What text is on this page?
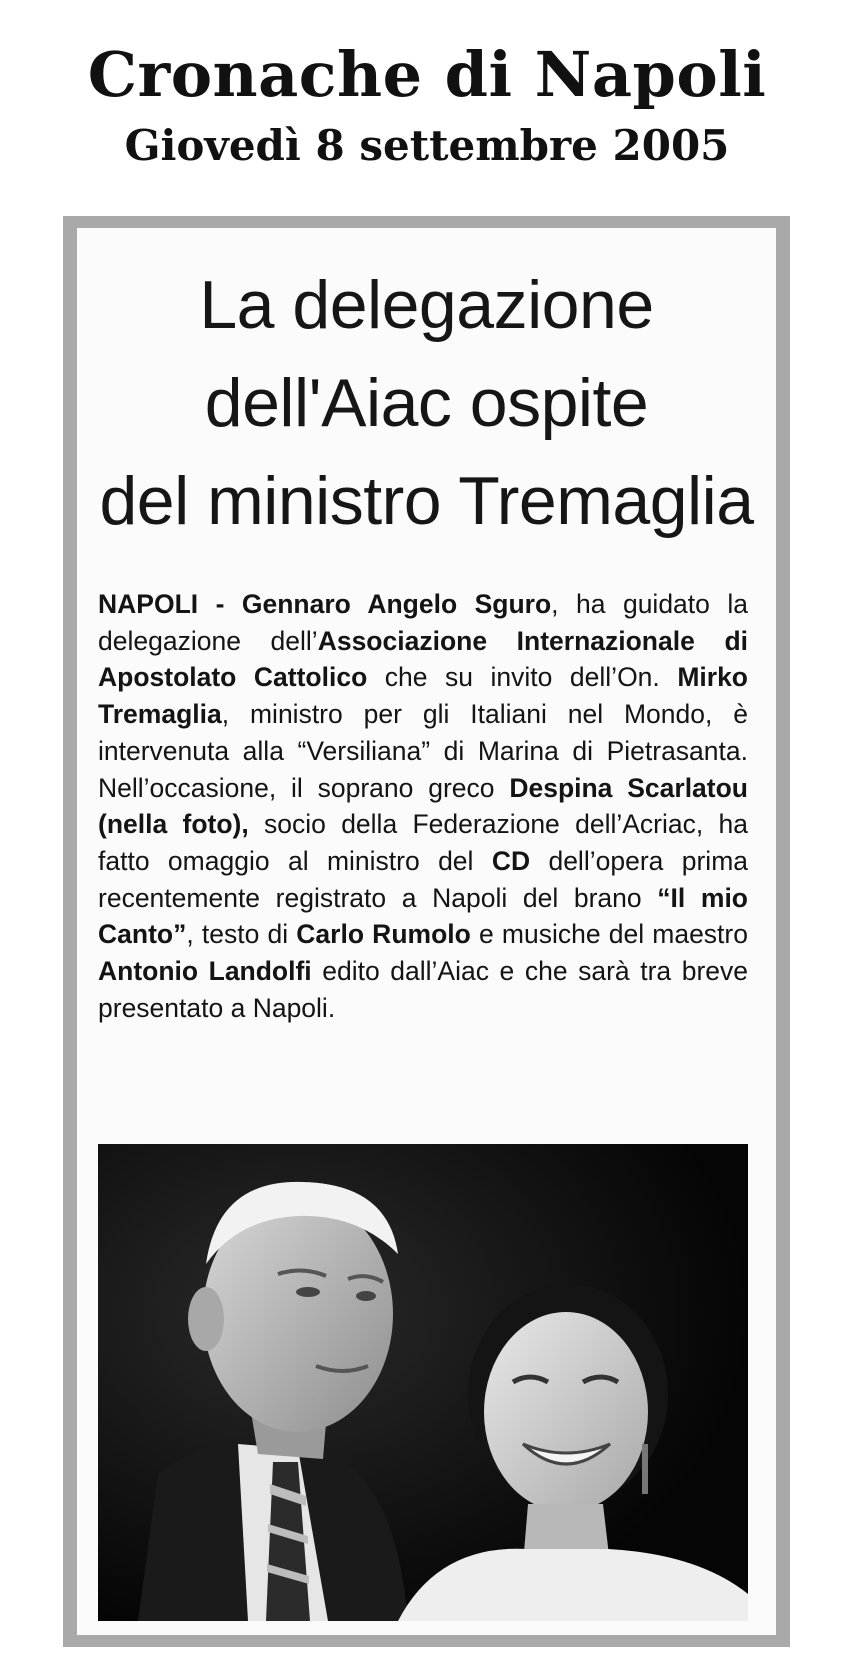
Cronache di Napoli
Giovedì 8 settembre 2005
La delegazione
dell'Aiac ospite
del ministro Tremaglia
NAPOLI - Gennaro Angelo Sguro, ha guidato la delegazione dell’Associazione Internazionale di Apostolato Cattolico che su invito dell’On. Mirko Tremaglia, ministro per gli Italiani nel Mondo, è intervenuta alla “Versiliana” di Marina di Pietrasanta. Nell’occasione, il soprano greco Despina Scarlatou (nella foto), socio della Federazione dell’Acriac, ha fatto omaggio al ministro del CD dell’opera prima recentemente registrato a Napoli del brano “Il mio Canto”, testo di Carlo Rumolo e musiche del maestro Antonio Landolfi edito dall’Aiac e che sarà tra breve presentato a Napoli.
